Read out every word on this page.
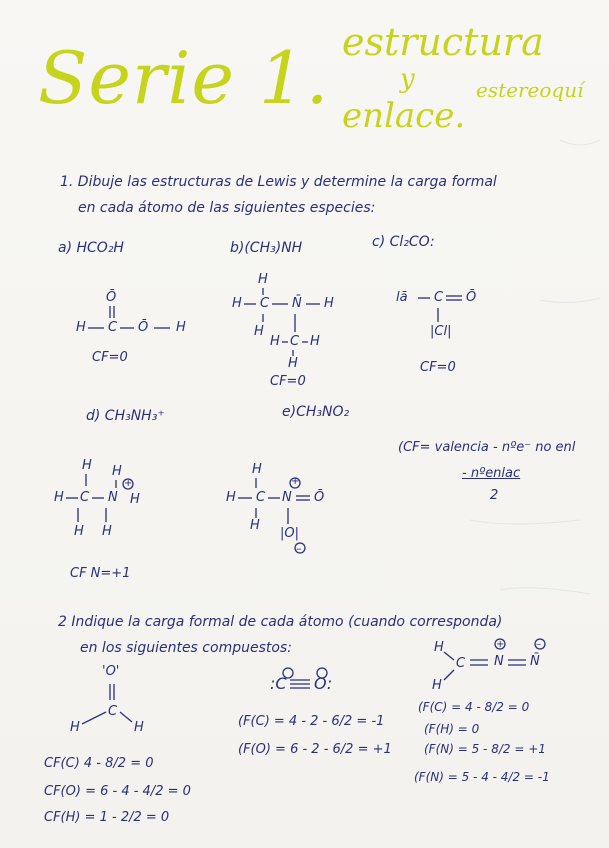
Serie 1. estructura
y	estereoquí
enlace.
1. Dibuje las estructuras de Lewis y determine la carga formal
en cada átomo de las siguientes especies:
a) HCO₂H	b)(CH₃)NH	c) Cl₂CO:
Ō
H C Ō H
CF=0
H
H C N̄ H
H
H C H
H
CF=0
lā C Ō
|Cl|
CF=0
d) CH₃NH₃⁺	e)CH₃NO₂
(CF= valencia - nºe⁻ no enl
- nºenlac
2
H H
H C N H
+
H H
CF N=+1
H
H C N
+
Ō
H
|O|
–
2 Indique la carga formal de cada átomo (cuando corresponda)
en los siguientes compuestos:
'O'
C
H	H
:C O:
H
C N
+
N̄
–
H
CF(C) 4 - 8/2 = 0
CF(O) = 6 - 4 - 4/2 = 0
CF(H) = 1 - 2/2 = 0
(F(C) = 4 - 2 - 6/2 = -1
(F(O) = 6 - 2 - 6/2 = +1
(F(C) = 4 - 8/2 = 0
(F(H) = 0
(F(N) = 5 - 8/2 = +1
(F(N) = 5 - 4 - 4/2 = -1
